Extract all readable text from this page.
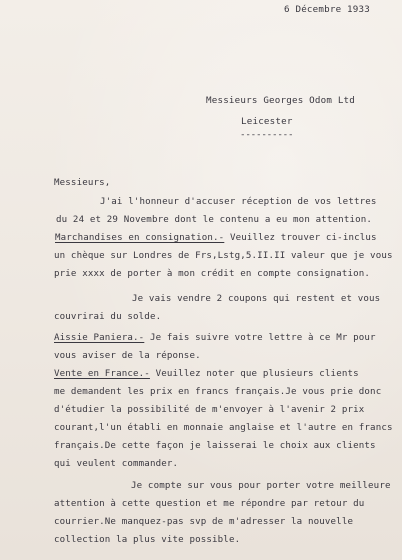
6 Décembre 1933
Messieurs Georges Odom Ltd
Leicester
----------
Messieurs,
J'ai l'honneur d'accuser réception de vos lettres
du 24 et 29 Novembre dont le contenu a eu mon attention.
Marchandises en consignation.- Veuillez trouver ci-inclus
un chèque sur Londres de Frs,Lstg,5.II.II valeur que je vous
prie xxxx de porter à mon crédit en compte consignation.
Je vais vendre 2 coupons qui restent et vous
couvrirai du solde.
Aissie Paniera.- Je fais suivre votre lettre à ce Mr pour
vous aviser de la réponse.
Vente en France.- Veuillez noter que plusieurs clients
me demandent les prix en francs français.Je vous prie donc
d'étudier la possibilité de m'envoyer à l'avenir 2 prix
courant,l'un établi en monnaie anglaise et l'autre en francs
français.De cette façon je laisserai le choix aux clients
qui veulent commander.
Je compte sur vous pour porter votre meilleure
attention à cette question et me répondre par retour du
courrier.Ne manquez-pas svp de m'adresser la nouvelle
collection la plus vite possible.
